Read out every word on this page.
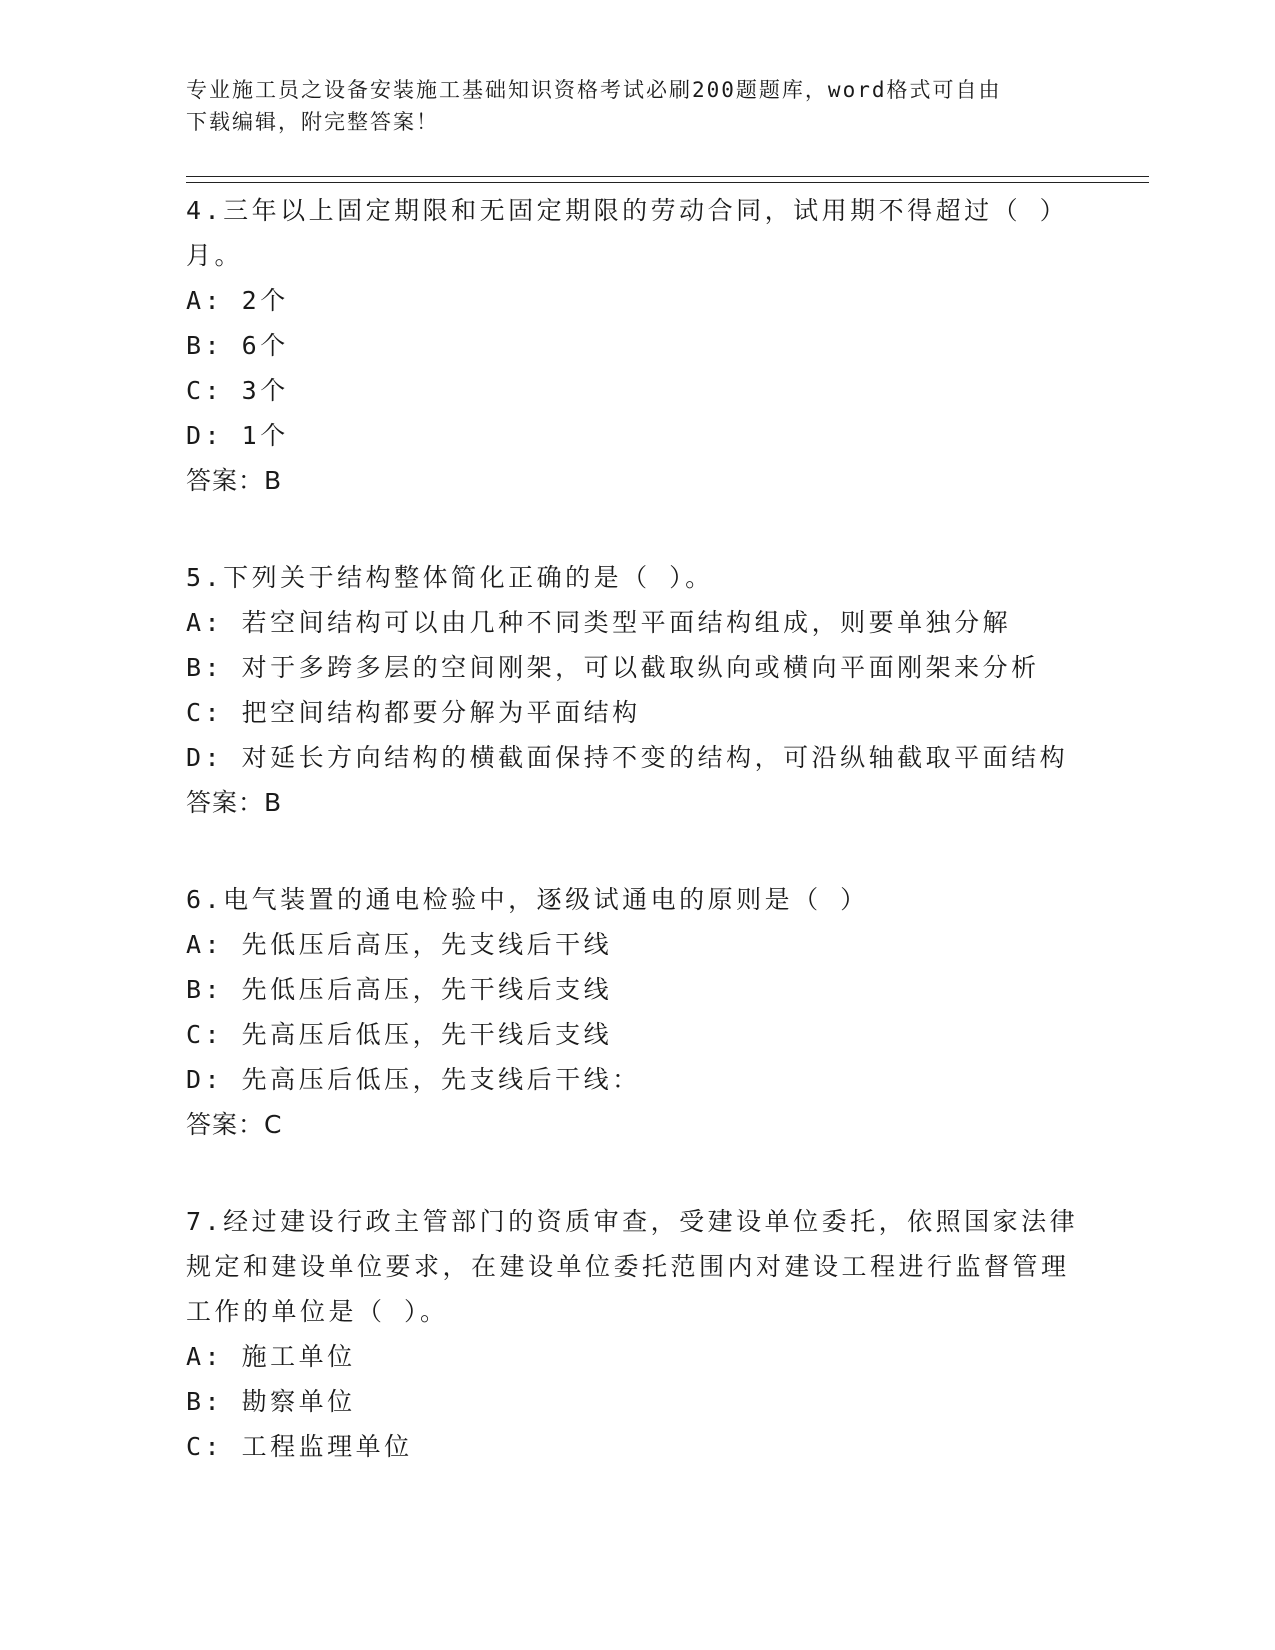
专业施工员之设备安装施工基础知识资格考试必刷200题题库，word格式可自由
下载编辑，附完整答案！
4.三年以上固定期限和无固定期限的劳动合同，试用期不得超过（ ）月。
A: 2个
B: 6个
C: 3个
D: 1个
答案：B
5.下列关于结构整体简化正确的是（ ）。
A: 若空间结构可以由几种不同类型平面结构组成，则要单独分解
B: 对于多跨多层的空间刚架，可以截取纵向或横向平面刚架来分析
C: 把空间结构都要分解为平面结构
D: 对延长方向结构的横截面保持不变的结构，可沿纵轴截取平面结构
答案：B
6.电气装置的通电检验中，逐级试通电的原则是（ ）
A: 先低压后高压，先支线后干线
B: 先低压后高压，先干线后支线
C: 先高压后低压，先干线后支线
D: 先高压后低压，先支线后干线：
答案：C
7.经过建设行政主管部门的资质审查，受建设单位委托，依照国家法律规定和建设单位要求，在建设单位委托范围内对建设工程进行监督管理工作的单位是（ ）。
A: 施工单位
B: 勘察单位
C: 工程监理单位
